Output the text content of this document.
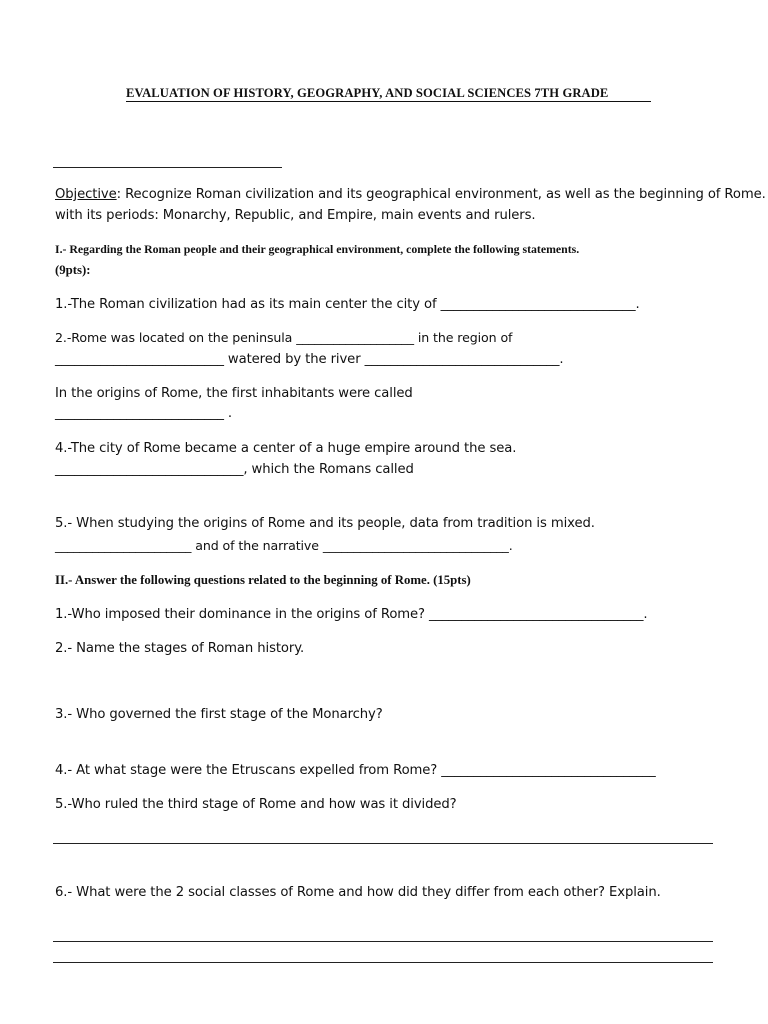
EVALUATION OF HISTORY, GEOGRAPHY, AND SOCIAL SCIENCES 7TH GRADE
Objective: Recognize Roman civilization and its geographical environment, as well as the beginning of Rome.
with its periods: Monarchy, Republic, and Empire, main events and rulers.
I.- Regarding the Roman people and their geographical environment, complete the following statements.
(9pts):
1.-The Roman civilization had as its main center the city of ______________________________.
2.-Rome was located on the peninsula ___________________ in the region of
__________________________ watered by the river ______________________________.
In the origins of Rome, the first inhabitants were called
__________________________ .
4.-The city of Rome became a center of a huge empire around the sea.
_____________________________, which the Romans called
5.- When studying the origins of Rome and its people, data from tradition is mixed.
______________________ and of the narrative ______________________________.
II.- Answer the following questions related to the beginning of Rome. (15pts)
1.-Who imposed their dominance in the origins of Rome? _________________________________.
2.- Name the stages of Roman history.
3.- Who governed the first stage of the Monarchy?
4.- At what stage were the Etruscans expelled from Rome? _________________________________
5.-Who ruled the third stage of Rome and how was it divided?
6.- What were the 2 social classes of Rome and how did they differ from each other? Explain.
